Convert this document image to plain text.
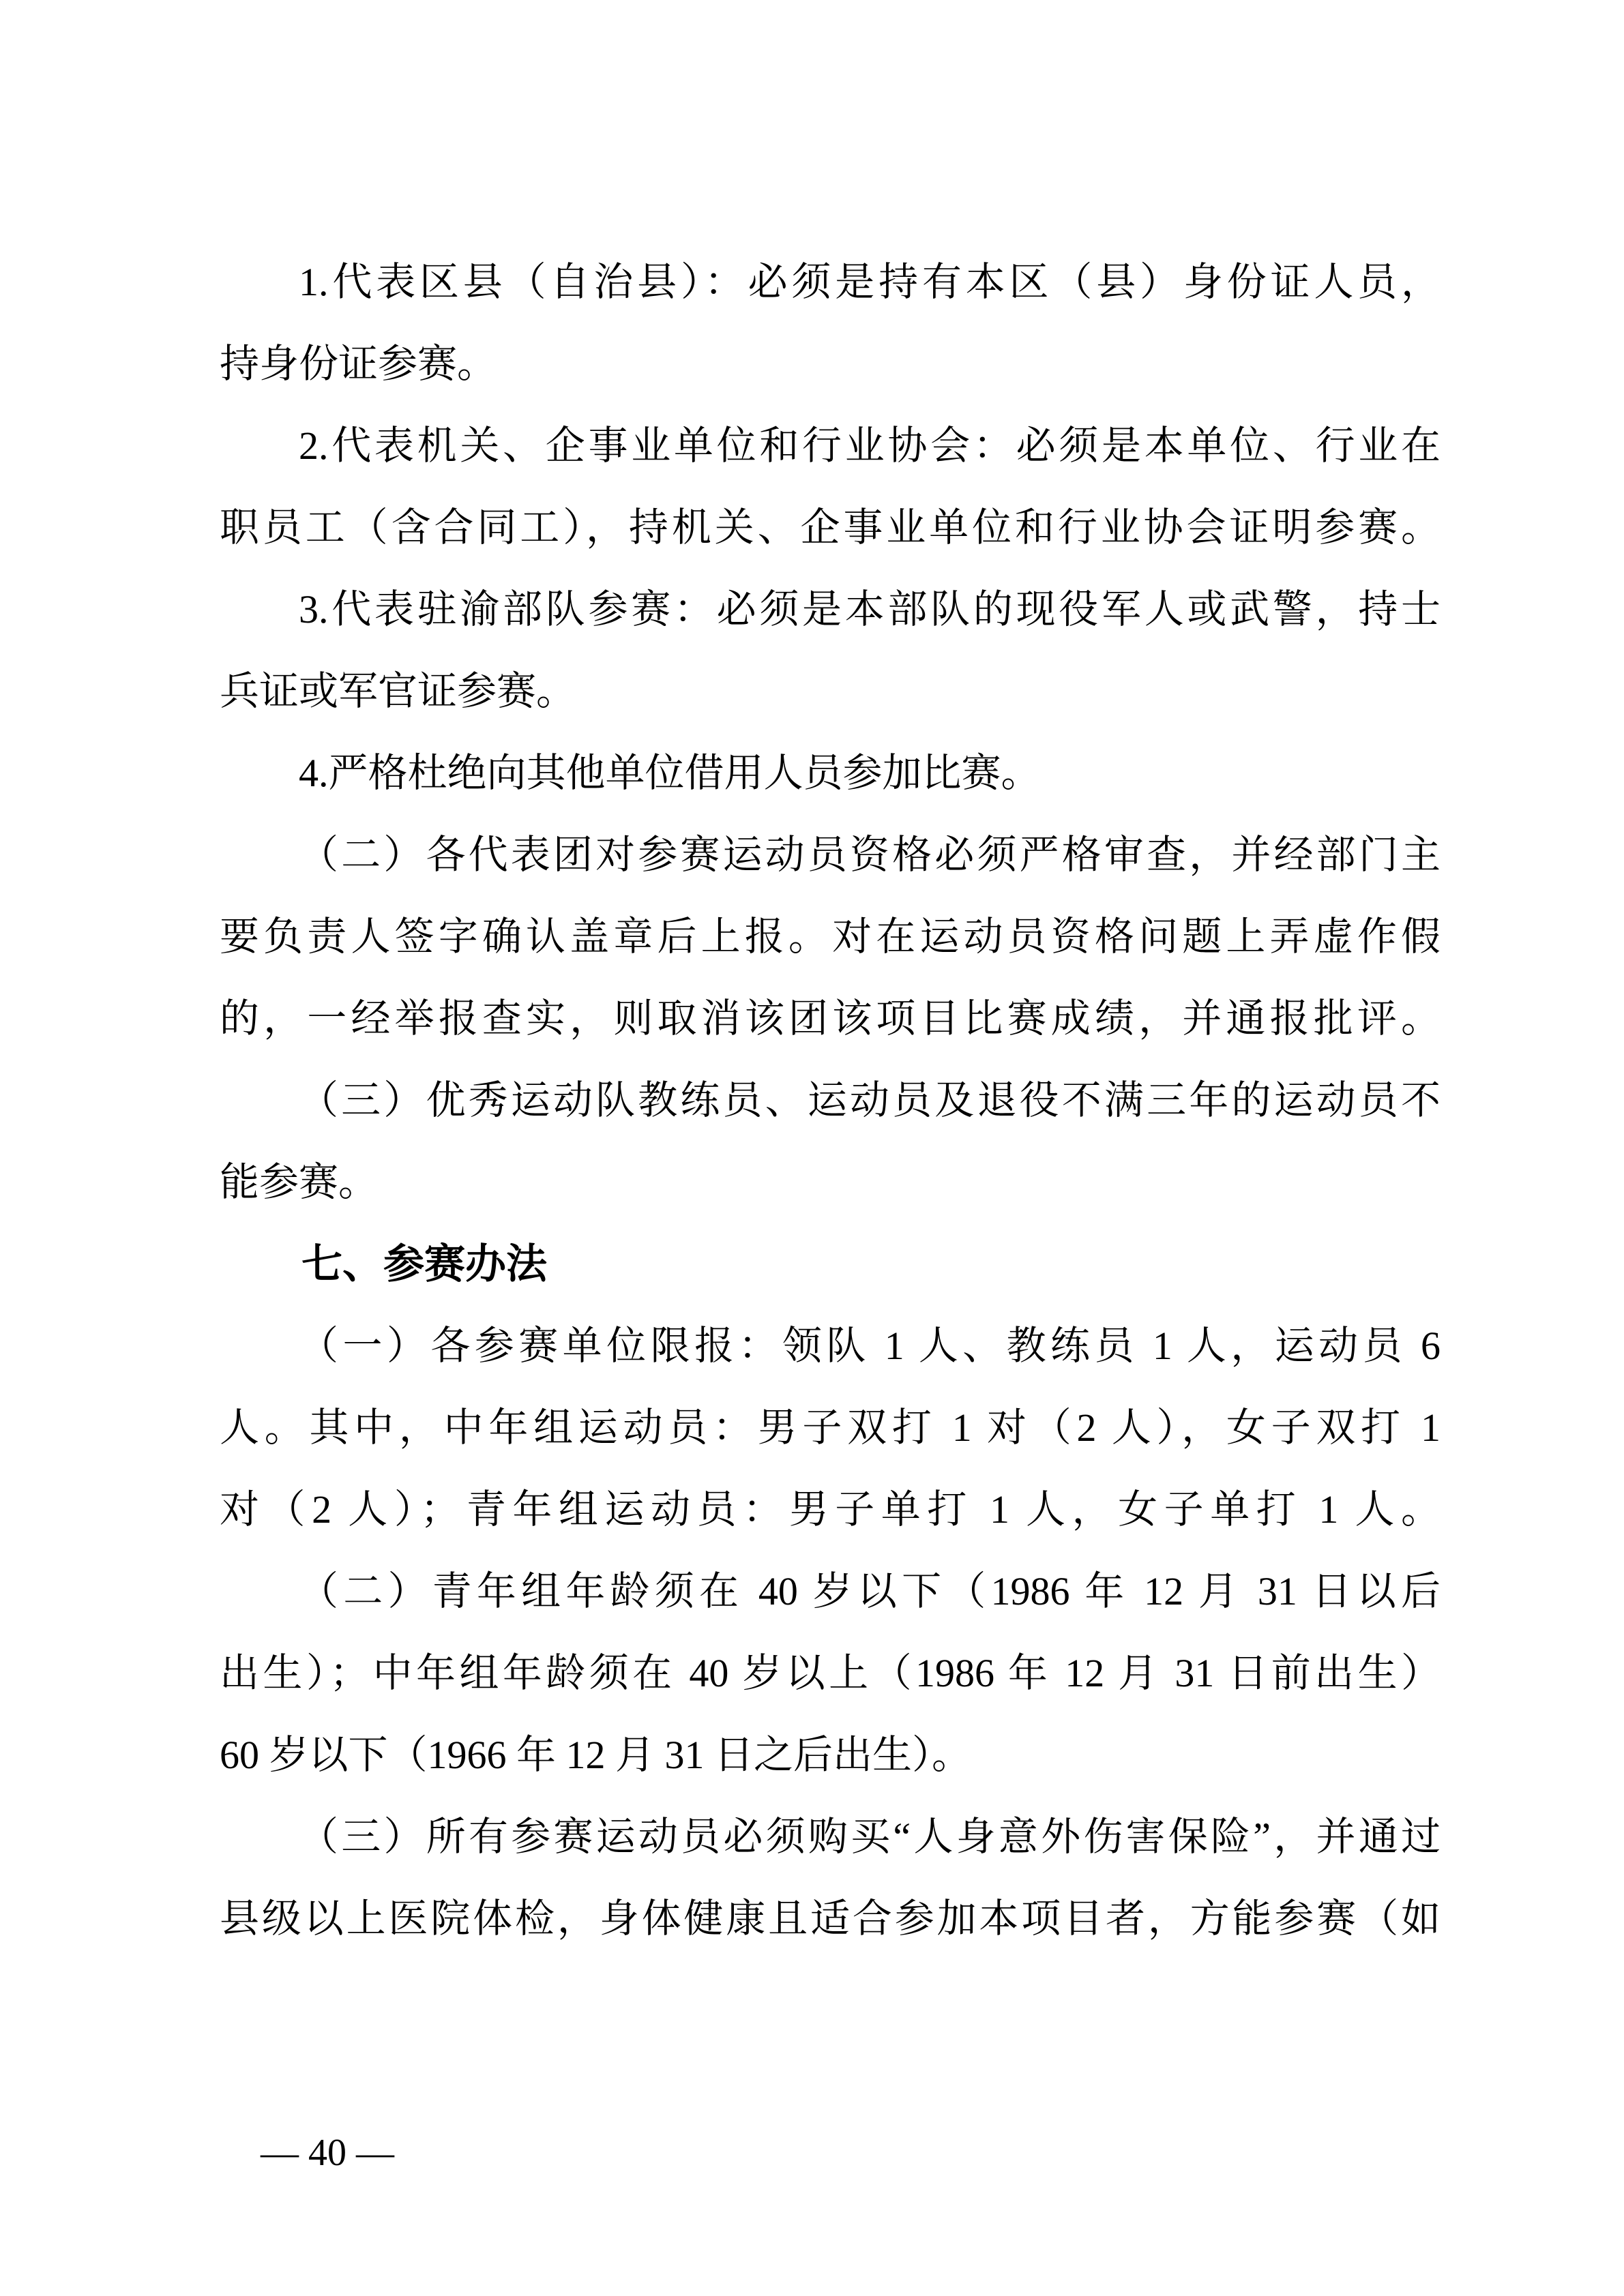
1.代表区县（自治县）：必须是持有本区（县）身份证人员，
持身份证参赛。
2.代表机关、企事业单位和行业协会：必须是本单位、行业在
职员工（含合同工），持机关、企事业单位和行业协会证明参赛。
3.代表驻渝部队参赛：必须是本部队的现役军人或武警，持士
兵证或军官证参赛。
4.严格杜绝向其他单位借用人员参加比赛。
（二）各代表团对参赛运动员资格必须严格审查，并经部门主
要负责人签字确认盖章后上报。对在运动员资格问题上弄虚作假
的，一经举报查实，则取消该团该项目比赛成绩，并通报批评。
（三）优秀运动队教练员、运动员及退役不满三年的运动员不
能参赛。
七、参赛办法
（一）各参赛单位限报：领队 1 人、教练员 1 人，运动员 6
人。其中，中年组运动员：男子双打 1 对（2 人），女子双打 1
对（2 人）；青年组运动员：男子单打 1 人，女子单打 1 人。
（二）青年组年龄须在 40 岁以下（1986 年 12 月 31 日以后
出生）；中年组年龄须在 40 岁以上（1986 年 12 月 31 日前出生）
60 岁以下（1966 年 12 月 31 日之后出生）。
（三）所有参赛运动员必须购买“人身意外伤害保险”，并通过
县级以上医院体检，身体健康且适合参加本项目者，方能参赛（如

— 40 —
